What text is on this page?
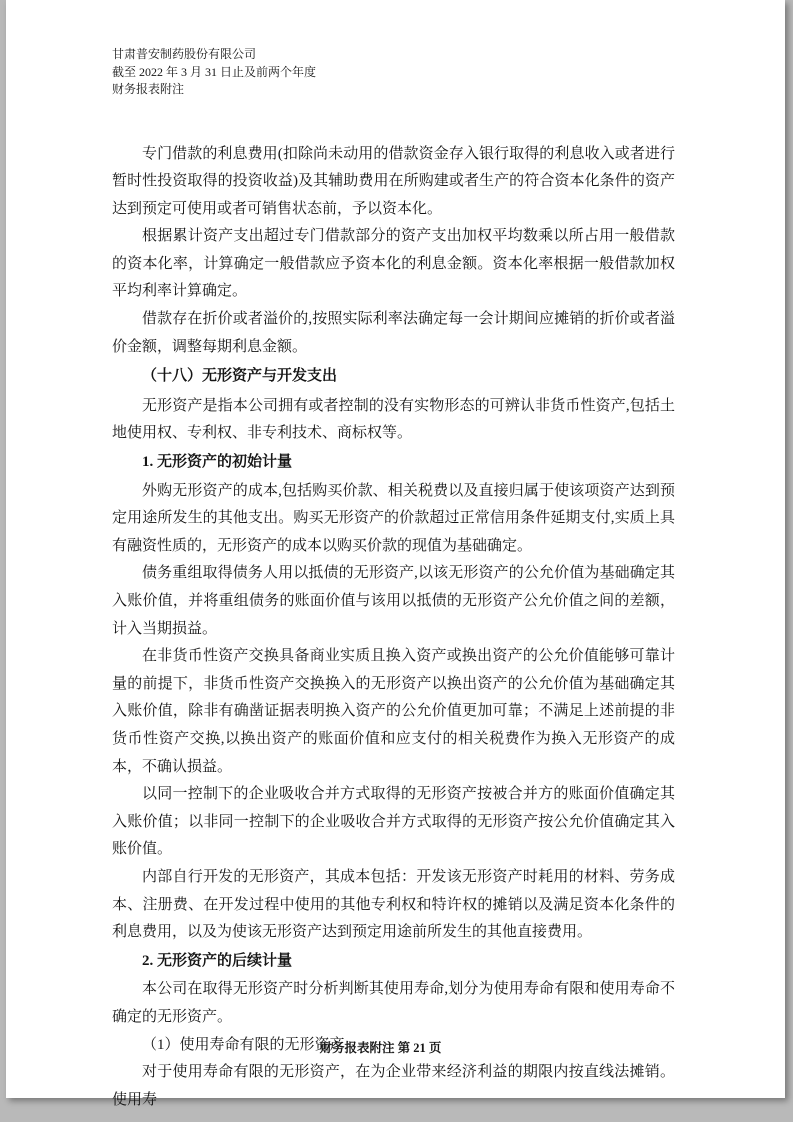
甘肃普安制药股份有限公司
截至 2022 年 3 月 31 日止及前两个年度
财务报表附注

专门借款的利息费用(扣除尚未动用的借款资金存入银行取得的利息收入或者进行暂时性投资取得的投资收益)及其辅助费用在所购建或者生产的符合资本化条件的资产达到预定可使用或者可销售状态前，予以资本化。

根据累计资产支出超过专门借款部分的资产支出加权平均数乘以所占用一般借款的资本化率，计算确定一般借款应予资本化的利息金额。资本化率根据一般借款加权平均利率计算确定。

借款存在折价或者溢价的,按照实际利率法确定每一会计期间应摊销的折价或者溢价金额，调整每期利息金额。

（十八）无形资产与开发支出

无形资产是指本公司拥有或者控制的没有实物形态的可辨认非货币性资产,包括土地使用权、专利权、非专利技术、商标权等。

1. 无形资产的初始计量

外购无形资产的成本,包括购买价款、相关税费以及直接归属于使该项资产达到预定用途所发生的其他支出。购买无形资产的价款超过正常信用条件延期支付,实质上具有融资性质的，无形资产的成本以购买价款的现值为基础确定。

债务重组取得债务人用以抵债的无形资产,以该无形资产的公允价值为基础确定其入账价值，并将重组债务的账面价值与该用以抵债的无形资产公允价值之间的差额，计入当期损益。

在非货币性资产交换具备商业实质且换入资产或换出资产的公允价值能够可靠计量的前提下，非货币性资产交换换入的无形资产以换出资产的公允价值为基础确定其入账价值，除非有确凿证据表明换入资产的公允价值更加可靠；不满足上述前提的非货币性资产交换,以换出资产的账面价值和应支付的相关税费作为换入无形资产的成本，不确认损益。

以同一控制下的企业吸收合并方式取得的无形资产按被合并方的账面价值确定其入账价值；以非同一控制下的企业吸收合并方式取得的无形资产按公允价值确定其入账价值。

内部自行开发的无形资产，其成本包括：开发该无形资产时耗用的材料、劳务成本、注册费、在开发过程中使用的其他专利权和特许权的摊销以及满足资本化条件的利息费用，以及为使该无形资产达到预定用途前所发生的其他直接费用。

2. 无形资产的后续计量

本公司在取得无形资产时分析判断其使用寿命,划分为使用寿命有限和使用寿命不确定的无形资产。

（1）使用寿命有限的无形资产

对于使用寿命有限的无形资产，在为企业带来经济利益的期限内按直线法摊销。使用寿

财务报表附注 第 21 页
